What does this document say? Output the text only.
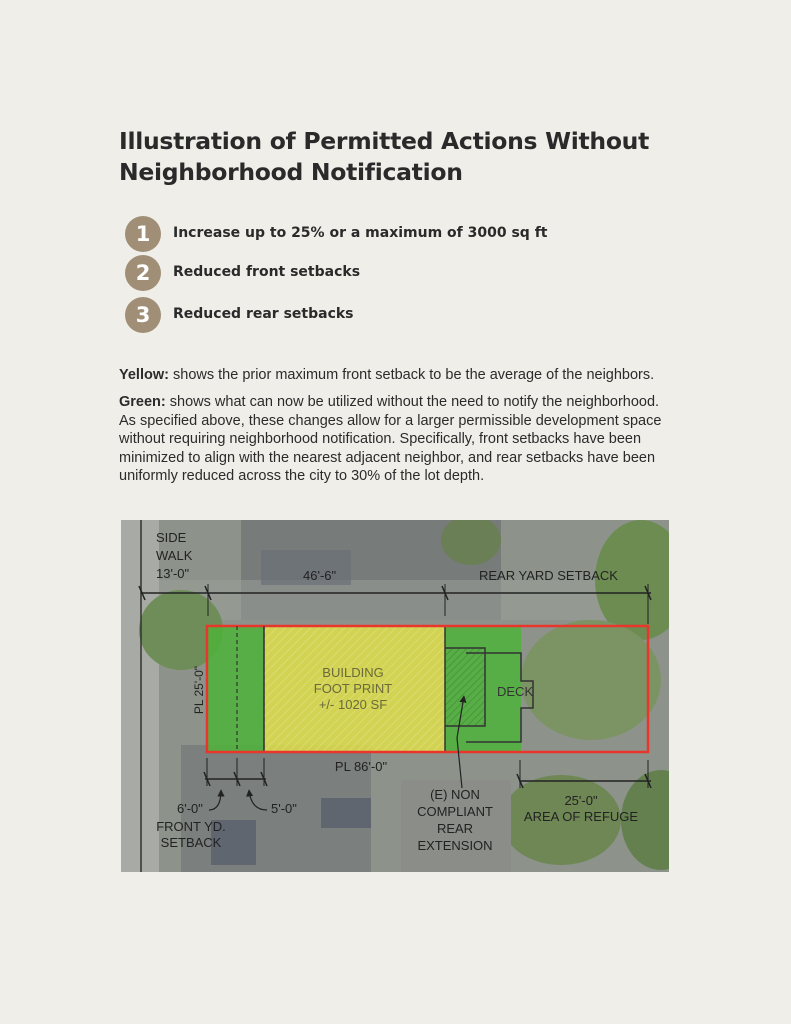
Illustration of Permitted Actions Without Neighborhood Notification
1	Increase up to 25% or a maximum of 3000 sq ft
2	Reduced front setbacks
3	Reduced rear setbacks

Yellow: shows the prior maximum front setback to be the average of the neighbors.

Green: shows what can now be utilized without the need to notify the neighborhood. As specified above, these changes allow for a larger permissible development space without requiring neighborhood notification. Specifically, front setbacks have been minimized to align with the nearest adjacent neighbor, and rear setbacks have been uniformly reduced across the city to 30% of the lot depth.

SIDE
WALK
13'-0"	46'-6"	REAR YARD SETBACK
BUILDING
FOOT PRINT
+/- 1020 SF
DECK
PL 25'-0"
PL 86'-0"
6'-0"
FRONT YD.
SETBACK
5'-0"
(E) NON
COMPLIANT
REAR
EXTENSION
25'-0"
AREA OF REFUGE
